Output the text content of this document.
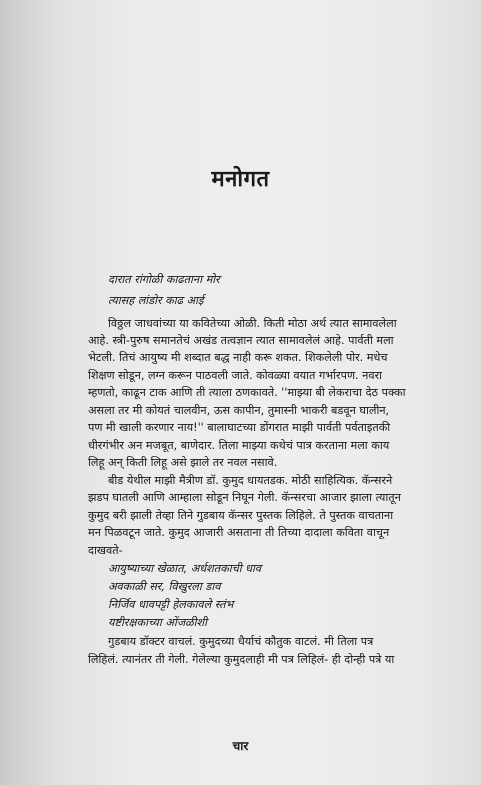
मनोगत
दारात रांगोळी काढताना मोर
त्यासह लांडोर काढ आई
विठ्ठल जाधवांच्या या कवितेच्या ओळी. किती मोठा अर्थ त्यात सामावलेला
आहे. स्त्री-पुरुष समानतेचं अखंड तत्वज्ञान त्यात सामावलेलं आहे. पार्वती मला
भेटली. तिचं आयुष्य मी शब्दात बद्ध नाही करू शकत. शिकलेली पोर. मधेच
शिक्षण सोडून, लग्न करून पाठवली जाते. कोवळ्या वयात गर्भारपण. नवरा
म्हणतो, काढून टाक आणि ती त्याला ठणकावते. ''माझ्या बी लेकराचा देठ पक्का
असला तर मी कोयतं चालवीन, ऊस कापीन, तुमास्नी भाकरी बडवून घालीन,
पण मी खाली करणार नाय!'' बालाघाटच्या डोंगरात माझी पार्वती पर्वताइतकी
धीरगंभीर अन मजबूत, बाणेदार. तिला माझ्या कथेचं पात्र करताना मला काय
लिहू अन् किती लिहू असे झाले तर नवल नसावे.
बीड येथील माझी मैत्रीण डॉ. कुमुद धायतडक. मोठी साहित्यिक. कॅन्सरने
झडप घातली आणि आम्हाला सोडून निघून गेली. कॅन्सरचा आजार झाला त्यातून
कुमुद बरी झाली तेव्हा तिने गुडबाय कॅन्सर पुस्तक लिहिले. ते पुस्तक वाचताना
मन पिळवटून जाते. कुमुद आजारी असताना ती तिच्या दादाला कविता वाचून
दाखवते-
आयुष्याच्या खेळात, अर्धशतकाची धाव
अवकाळी सर, विखुरला डाव
निर्जिव धावपट्टी हेलकावले स्तंभ
यष्टीरक्षकाच्या ओंजळीशी
गुडबाय डॉक्टर वाचलं. कुमुदच्या धैर्याचं कौतुक वाटलं. मी तिला पत्र
लिहिलं. त्यानंतर ती गेली. गेलेल्या कुमुदलाही मी पत्र लिहिलं- ही दोन्ही पत्रे या
चार
